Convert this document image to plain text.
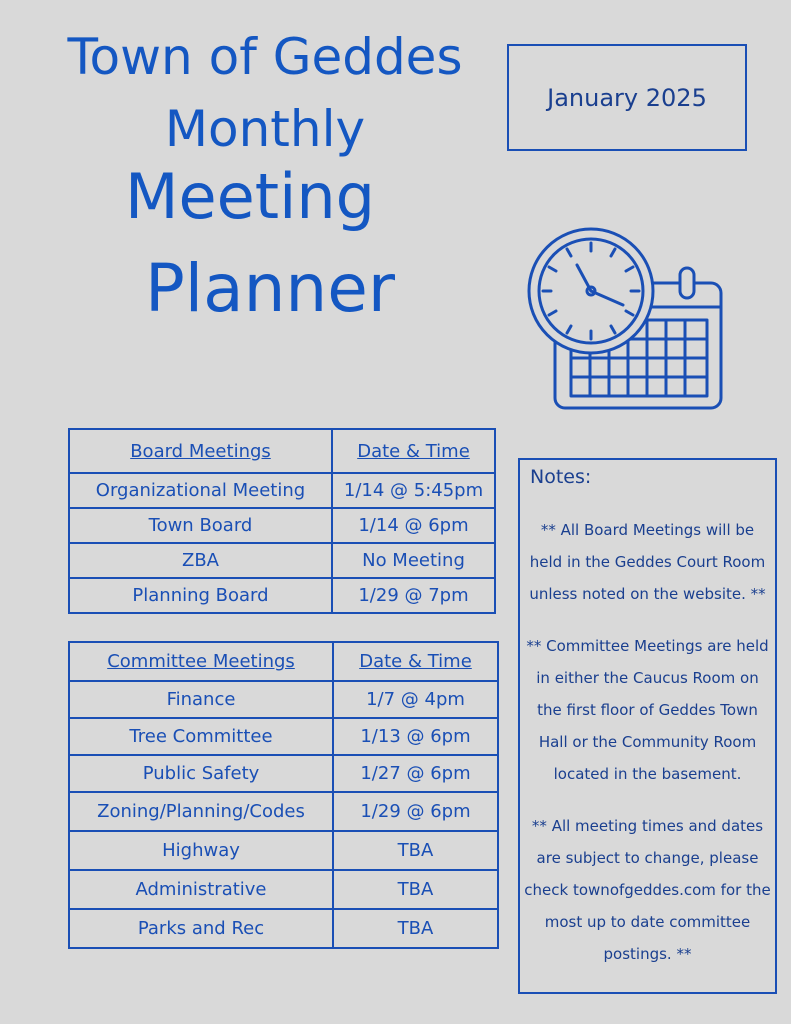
Town of Geddes
Monthly
Meeting
Planner
January 2025
Board Meetings	Date & Time
Organizational Meeting	1/14 @ 5:45pm
Town Board	1/14 @ 6pm
ZBA	No Meeting
Planning Board	1/29 @ 7pm
Committee Meetings	Date & Time
Finance	1/7 @ 4pm
Tree Committee	1/13 @ 6pm
Public Safety	1/27 @ 6pm
Zoning/Planning/Codes	1/29 @ 6pm
Highway	TBA
Administrative	TBA
Parks and Rec	TBA
Notes:
** All Board Meetings will be held in the Geddes Court Room unless noted on the website. **
** Committee Meetings are held in either the Caucus Room on the first floor of Geddes Town Hall or the Community Room located in the basement.
** All meeting times and dates are subject to change, please check townofgeddes.com for the most up to date committee postings. **
